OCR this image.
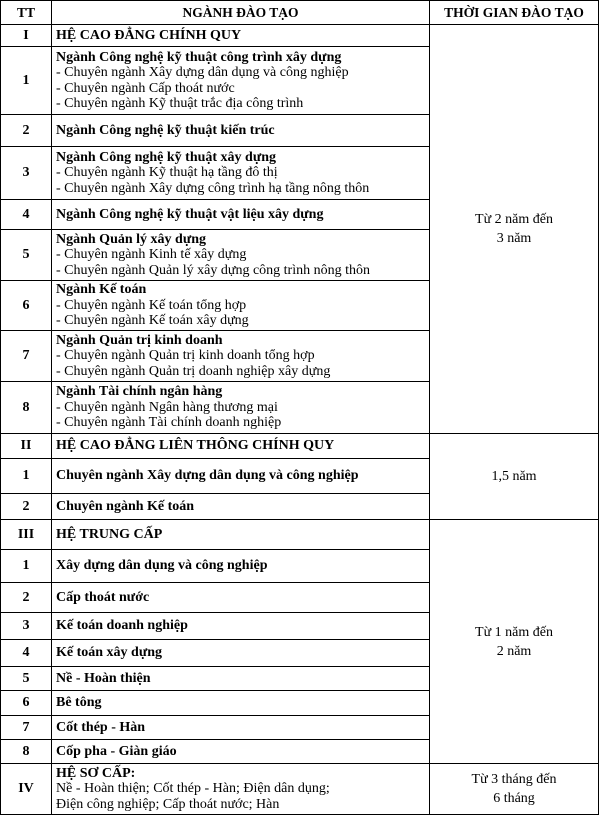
TT	NGÀNH ĐÀO TẠO	THỜI GIAN ĐÀO TẠO
I	HỆ CAO ĐẲNG CHÍNH QUY	Từ 2 năm đến
3 năm

1	Ngành Công nghệ kỹ thuật công trình xây dựng
- Chuyên ngành Xây dựng dân dụng và công nghiệp
- Chuyên ngành Cấp thoát nước
- Chuyên ngành Kỹ thuật trắc địa công trình	

2	Ngành Công nghệ kỹ thuật kiến trúc	
3	Ngành Công nghệ kỹ thuật xây dựng
- Chuyên ngành Kỹ thuật hạ tầng đô thị
- Chuyên ngành Xây dựng công trình hạ tầng nông thôn	

4	Ngành Công nghệ kỹ thuật vật liệu xây dựng	
5	Ngành Quản lý xây dựng
- Chuyên ngành Kinh tế xây dựng
- Chuyên ngành Quản lý xây dựng công trình nông thôn	

6	Ngành Kế toán
- Chuyên ngành Kế toán tổng hợp
- Chuyên ngành Kế toán xây dựng	

7	Ngành Quản trị kinh doanh
- Chuyên ngành Quản trị kinh doanh tổng hợp
- Chuyên ngành Quản trị doanh nghiệp xây dựng	

8	Ngành Tài chính ngân hàng
- Chuyên ngành Ngân hàng thương mại
- Chuyên ngành Tài chính doanh nghiệp	

II	HỆ CAO ĐẲNG LIÊN THÔNG CHÍNH QUY	1,5 năm

1	Chuyên ngành Xây dựng dân dụng và công nghiệp	
2	Chuyên ngành Kế toán	
III	HỆ TRUNG CẤP	Từ 1 năm đến
2 năm

1	Xây dựng dân dụng và công nghiệp	
2	Cấp thoát nước	
3	Kế toán doanh nghiệp	
4	Kế toán xây dựng	
5	Nề - Hoàn thiện	
6	Bê tông	
7	Cốt thép - Hàn	
8	Cốp pha - Giàn giáo	
IV	HỆ SƠ CẤP:
Nề - Hoàn thiện; Cốt thép - Hàn; Điện dân dụng;
Điện công nghiệp; Cấp thoát nước; Hàn	Từ 3 tháng đến
6 tháng
